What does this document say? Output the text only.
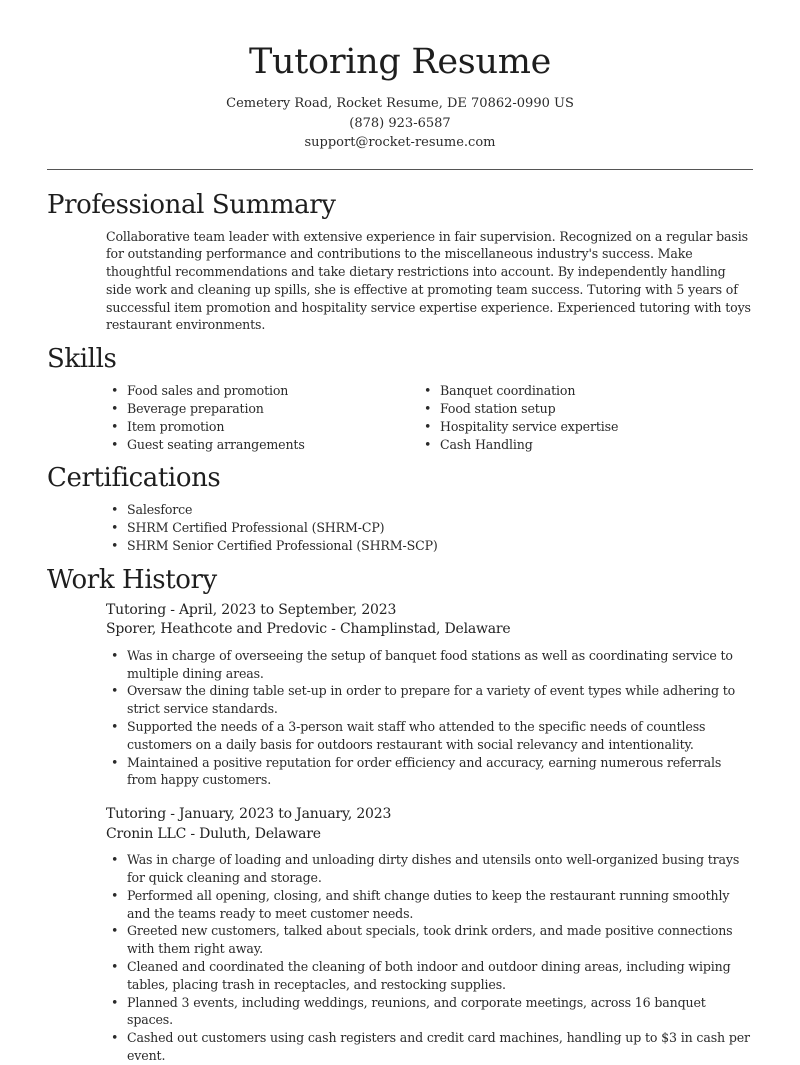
Tutoring Resume
Cemetery Road, Rocket Resume, DE 70862-0990 US
(878) 923-6587
support@rocket-resume.com
Professional Summary

Collaborative team leader with extensive experience in fair supervision. Recognized on a regular basis for outstanding performance and contributions to the miscellaneous industry's success. Make thoughtful recommendations and take dietary restrictions into account. By independently handling side work and cleaning up spills, she is effective at promoting team success. Tutoring with 5 years of successful item promotion and hospitality service expertise experience. Experienced tutoring with toys restaurant environments.

Skills
• Food sales and promotion
• Beverage preparation
• Item promotion
• Guest seating arrangements
• Banquet coordination
• Food station setup
• Hospitality service expertise
• Cash Handling
Certifications
• Salesforce
• SHRM Certified Professional (SHRM-CP)
• SHRM Senior Certified Professional (SHRM-SCP)
Work History
Tutoring - April, 2023 to September, 2023
Sporer, Heathcote and Predovic - Champlinstad, Delaware
• Was in charge of overseeing the setup of banquet food stations as well as coordinating service to multiple dining areas.
• Oversaw the dining table set-up in order to prepare for a variety of event types while adhering to strict service standards.
• Supported the needs of a 3-person wait staff who attended to the specific needs of countless customers on a daily basis for outdoors restaurant with social relevancy and intentionality.
• Maintained a positive reputation for order efficiency and accuracy, earning numerous referrals from happy customers.
Tutoring - January, 2023 to January, 2023
Cronin LLC - Duluth, Delaware
• Was in charge of loading and unloading dirty dishes and utensils onto well-organized busing trays for quick cleaning and storage.
• Performed all opening, closing, and shift change duties to keep the restaurant running smoothly and the teams ready to meet customer needs.
• Greeted new customers, talked about specials, took drink orders, and made positive connections with them right away.
• Cleaned and coordinated the cleaning of both indoor and outdoor dining areas, including wiping tables, placing trash in receptacles, and restocking supplies.
• Planned 3 events, including weddings, reunions, and corporate meetings, across 16 banquet spaces.
• Cashed out customers using cash registers and credit card machines, handling up to $3 in cash per event.
